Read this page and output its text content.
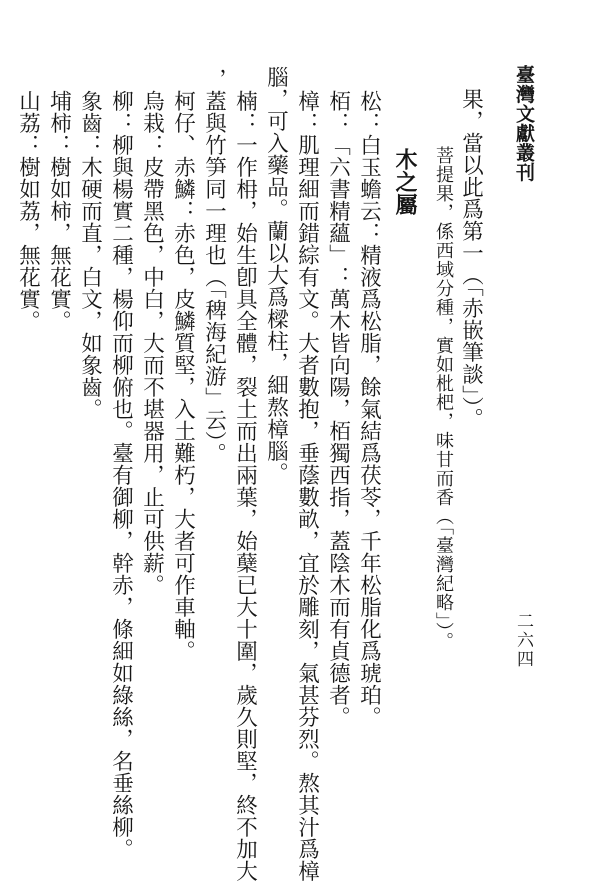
臺灣文獻叢刊
二六四
果，當以此爲第一（「赤嵌筆談」）。
菩提果，係西域分種，實如枇杷，味甘而香（「臺灣紀略」）。
木之屬
松：白玉蟾云：精液爲松脂，餘氣結爲茯苓，千年松脂化爲琥珀。
栢：「六書精蘊」：萬木皆向陽，栢獨西指，蓋陰木而有貞德者。
樟：肌理細而錯綜有文。大者數抱，垂蔭數畝，宜於雕刻，氣甚芬烈。熬其汁爲樟
腦，可入藥品。蘭以大爲樑柱，細熬樟腦。
楠：一作枏，始生卽具全體，裂土而出兩葉，始蘖已大十圍，歲久則堅，終不加大
，蓋與竹笋同一理也（「稗海紀游」云）。
柯仔、赤鱗：赤色，皮鱗質堅，入土難朽，大者可作車軸。
烏栽：皮帶黑色，中白，大而不堪器用，止可供薪。
柳：柳與楊實二種，楊仰而柳俯也。臺有御柳，幹赤，條細如綠絲，名垂絲柳。
象齒：木硬而直，白文，如象齒。
埔柿：樹如柿，無花實。
山荔：樹如荔，無花實。
